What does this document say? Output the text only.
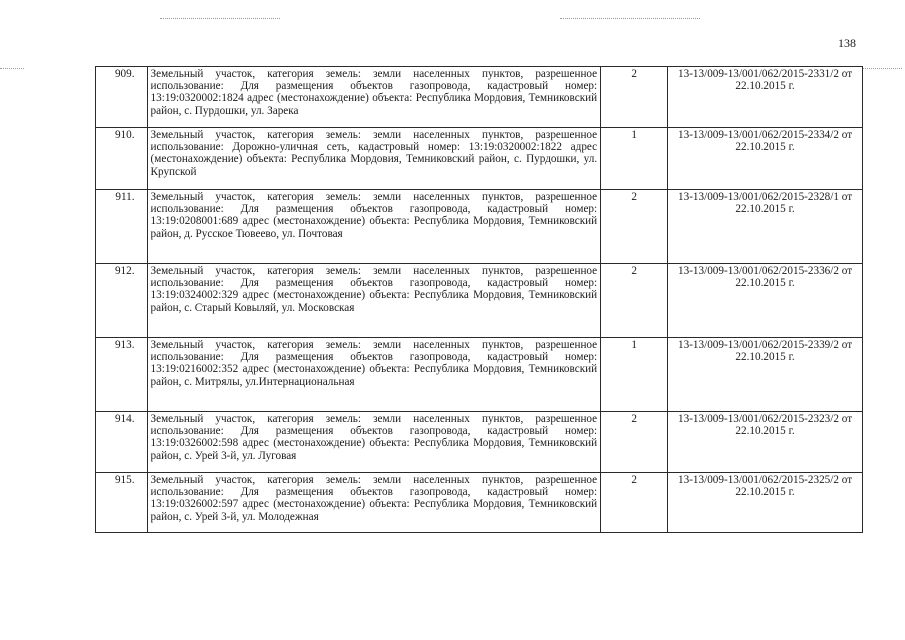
138
909.	Земельный участок, категория земель: земли населенных пунктов, разрешенное использование: Для размещения объектов газопровода, кадастровый номер: 13:19:0320002:1824 адрес (местонахождение) объекта: Республика Мордовия, Темниковский район, с. Пурдошки, ул. Зарека	2	13-13/009-13/001/062/2015-2331/2 от 22.10.2015 г.
910.	Земельный участок, категория земель: земли населенных пунктов, разрешенное использование: Дорожно-уличная сеть, кадастровый номер: 13:19:0320002:1822 адрес (местонахождение) объекта: Республика Мордовия, Темниковский район, с. Пурдошки, ул. Крупской	1	13-13/009-13/001/062/2015-2334/2 от 22.10.2015 г.
911.	Земельный участок, категория земель: земли населенных пунктов, разрешенное использование: Для размещения объектов газопровода, кадастровый номер: 13:19:0208001:689 адрес (местонахождение) объекта: Республика Мордовия, Темниковский район, д. Русское Тювеево, ул. Почтовая	2	13-13/009-13/001/062/2015-2328/1 от 22.10.2015 г.
912.	Земельный участок, категория земель: земли населенных пунктов, разрешенное использование: Для размещения объектов газопровода, кадастровый номер: 13:19:0324002:329 адрес (местонахождение) объекта: Республика Мордовия, Темниковский район, с. Старый Ковыляй, ул. Московская	2	13-13/009-13/001/062/2015-2336/2 от 22.10.2015 г.
913.	Земельный участок, категория земель: земли населенных пунктов, разрешенное использование: Для размещения объектов газопровода, кадастровый номер: 13:19:0216002:352 адрес (местонахождение) объекта: Республика Мордовия, Темниковский район, с. Митрялы, ул.Интернациональная	1	13-13/009-13/001/062/2015-2339/2 от 22.10.2015 г.
914.	Земельный участок, категория земель: земли населенных пунктов, разрешенное использование: Для размещения объектов газопровода, кадастровый номер: 13:19:0326002:598 адрес (местонахождение) объекта: Республика Мордовия, Темниковский район, с. Урей 3-й, ул. Луговая	2	13-13/009-13/001/062/2015-2323/2 от 22.10.2015 г.
915.	Земельный участок, категория земель: земли населенных пунктов, разрешенное использование: Для размещения объектов газопровода, кадастровый номер: 13:19:0326002:597 адрес (местонахождение) объекта: Республика Мордовия, Темниковский район, с. Урей 3-й, ул. Молодежная	2	13-13/009-13/001/062/2015-2325/2 от 22.10.2015 г.
